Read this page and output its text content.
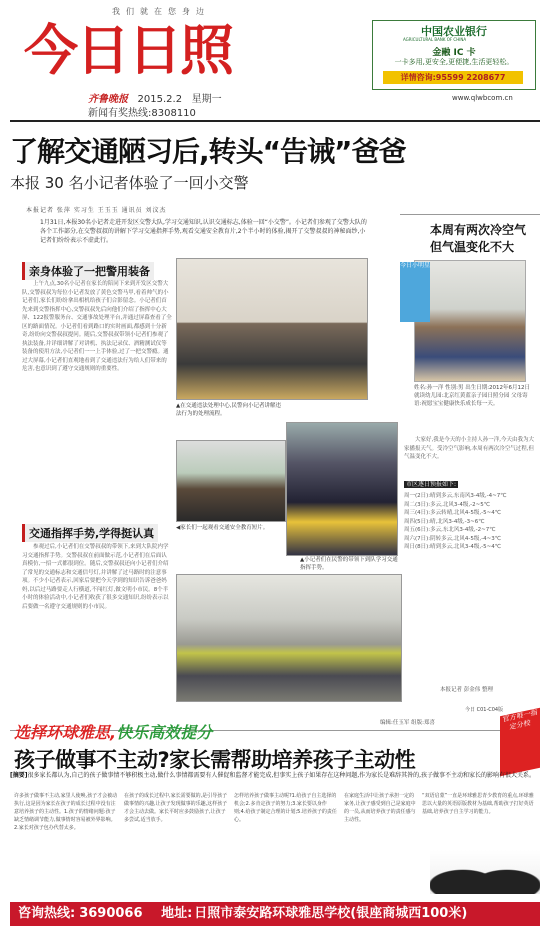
我们就在您身边
今日日照
齐鲁晚报 2015.2.2 星期一
新闻有奖热线:8308110
中国农业银行
AGRICULTURAL BANK OF CHINA
金融 IC 卡
一卡多用,更安全,更便捷,生活更轻松。
详情咨询:95599 2208677
www.qlwbcom.cn
了解交通陋习后,转头“告诫”爸爸
本报 30 名小记者体验了一回小交警
本报记者 张萍 实习生 王玉玉 通讯员 刘汶杰
1月31日,本报30名小记者走进开发区交警大队,学习交通知识,认识交通标志,体验一回“小交警”。小记者们参观了交警大队的各个工作部分,在交警叔叔的讲解下学习交通指挥手势,观看交通安全教育片,2个半小时的体验,揭开了交警叔叔的神秘面纱,小记者们纷纷表示不虚此行。
亲身体验了一把警用装备
上午九点,30名小记者在家长的陪同下来到开发区交警大队,交警叔叔为每位小记者发放了黄色交警马甲,看着帅气的小记者们,家长们纷纷拿出相机给孩子们合影留念。小记者们首先来到交警指挥中心,交警叔叔先后向他们介绍了指挥中心大屏、122报警服务台、交通事故处理平台,并通过屏幕查看了全区的路面情况。小记者们看到路口的实时画面,都感到十分新奇,纷纷向交警叔叔提问。随后,交警叔叔带领小记者们参观了执法装备,并详细讲解了对讲机、执法记录仪、酒精测试仪等装备的使用方法,小记者们一一上手体验,过了一把交警瘾。通过大屏幕,小记者们直观地看到了交通违法行为给人们带来的危害,也意识到了遵守交通规则的重要性。
交通指挥手势,学得挺认真
参观过后,小记者们在交警叔叔的带领下,来到大队院内学习交通指挥手势。交警叔叔在前面做示范,小记者们在后面认真模仿,一招一式都很到位。随后,交警叔叔还向小记者们介绍了常见的交通标志和交通信号灯,并讲解了过马路时的注意事项。不少小记者表示,回家后要把今天学到的知识告诉爸爸妈妈,以后过马路要走人行横道,不闯红灯,做文明小市民。8个半小时的体验活动中,小记者们收获了很多交通知识,纷纷表示以后要做一名遵守交通规则的小市民。
▲在交通违法处理中心,民警向小记者讲解违法行为的处理流程。
◀家长们一起观看交通安全教育短片。
▲小记者们在民警的带领下到队学习交通指挥手势。
本周有两次冷空气 但气温变化不大
今日小明星
姓名:孙一洋 性别:男 出生日期:2012年6月12日 就读幼儿园:北京红黄蓝亲子园日照分园 父母寄语:祝愿宝宝健康快乐成长每一天。
大家好,我是今天的小主持人孙一洋,今天由我为大家播报天气。受冷空气影响,本周有两次冷空气过程,但气温变化不大。
市区逐日预报如下:
周一(2日):晴到多云,东南风3-4级,-4~7℃
周二(3日):多云,北风3-4级,-2~5℃
周三(4日):多云转晴,北风4-5级,-5~4℃
周四(5日):晴,北风3-4级,-3~6℃
周五(6日):多云,东北风3-4级,-2~7℃
周六(7日):阴转多云,北风4-5级,-4~3℃
周日(8日):晴到多云,北风3-4级,-5~4℃
本报记者 彭金伟 整理
今日 C01-C04版
编辑:任玉军 组版:郑喜
选择环球雅思,快乐高效提分
官方唯一指定分校
孩子做事不主动?家长需帮助培养孩子主动性
[摘要]很多家长都认为,自己的孩子做事情不够积极主动,做什么事情都需要有人催促和监督才能完成,但事实上孩子如果存在这种问题,作为家长是难辞其咎的,孩子做事不主动和家长的影响有很大关系。
许多孩子做事不主动,家里人使唤,孩子才会被动执行,这是因为家长在孩子的成长过程中没有注意培养孩子的主动性。1.孩子的情绪问题:孩子缺乏情绪调节能力,做事情时容易被外界影响。2.家长对孩子包办代替太多。
在孩子的成长过程中,家长需要做的,是引导孩子做事情的兴趣,让孩子发现做事的乐趣,这样孩子才会主动去做。家长平时应多鼓励孩子,让孩子多尝试,适当放手。
怎样培养孩子做事主动呢?1.给孩子自主选择的机会;2.多肯定孩子的努力;3.家长要以身作则;4.给孩子制定合理的计划;5.培养孩子的责任心。
在家庭生活中让孩子承担一定的家务,让孩子感受到自己是家庭中的一员,从而培养孩子的责任感与主动性。
“双语启蒙”一直是环球雅思青少教育的重点,环球雅思以大量的英语原版教材为基础,帮助孩子打好英语基础,培养孩子自主学习的能力。
咨询热线: 3690066 地址: 日照市泰安路环球雅思学校(银座商城西100米)
